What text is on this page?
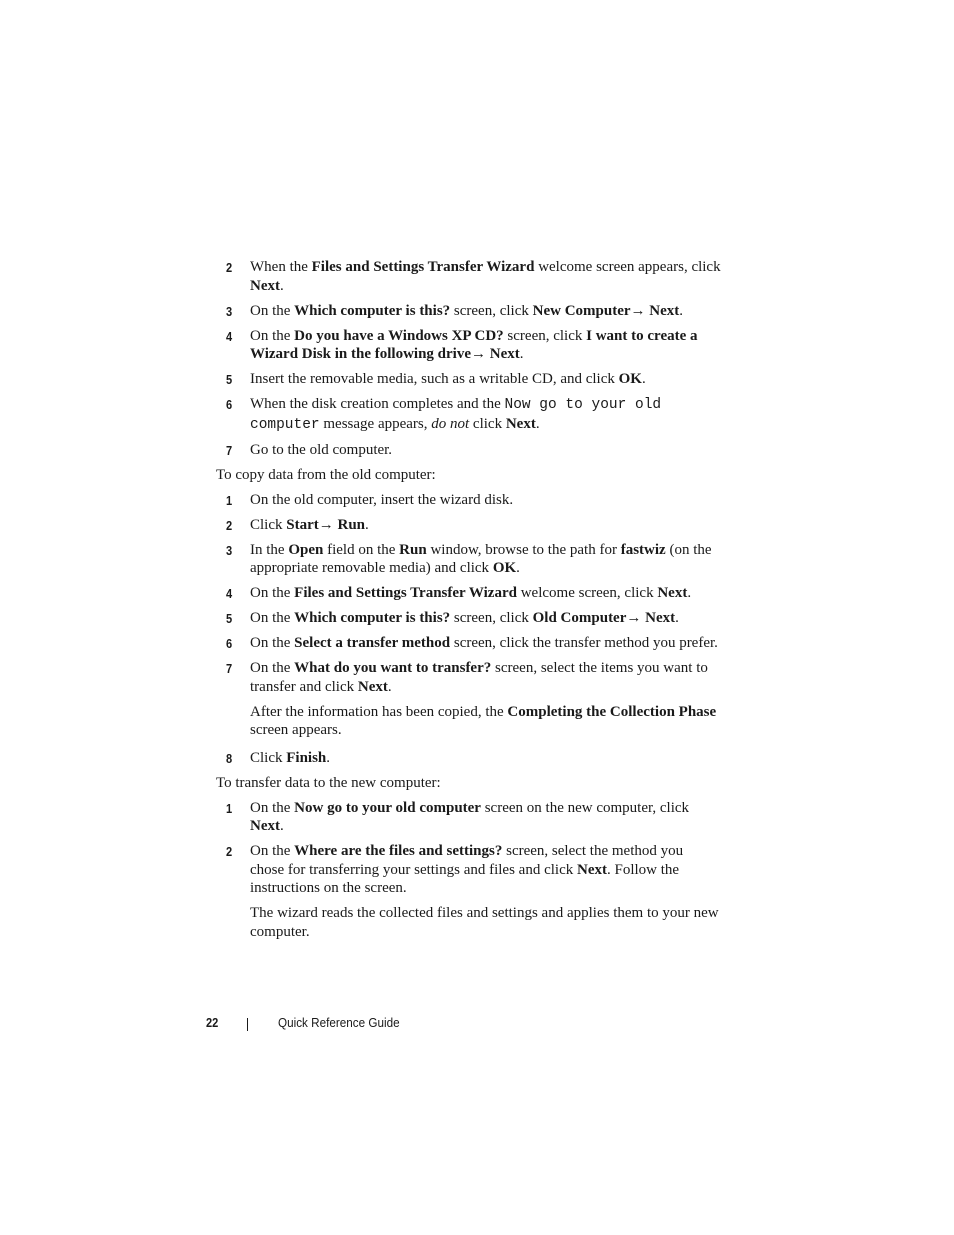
2 When the Files and Settings Transfer Wizard welcome screen appears, click Next.
3 On the Which computer is this? screen, click New Computer→ Next.
4 On the Do you have a Windows XP CD? screen, click I want to create a Wizard Disk in the following drive→ Next.
5 Insert the removable media, such as a writable CD, and click OK.
6 When the disk creation completes and the Now go to your old computer message appears, do not click Next.
7 Go to the old computer.

To copy data from the old computer:

1 On the old computer, insert the wizard disk.
2 Click Start→ Run.
3 In the Open field on the Run window, browse to the path for fastwiz (on the appropriate removable media) and click OK.
4 On the Files and Settings Transfer Wizard welcome screen, click Next.
5 On the Which computer is this? screen, click Old Computer→ Next.
6 On the Select a transfer method screen, click the transfer method you prefer.
7 On the What do you want to transfer? screen, select the items you want to transfer and click Next.
After the information has been copied, the Completing the Collection Phase screen appears.
8 Click Finish.

To transfer data to the new computer:

1 On the Now go to your old computer screen on the new computer, click Next.
2 On the Where are the files and settings? screen, select the method you chose for transferring your settings and files and click Next. Follow the instructions on the screen.
The wizard reads the collected files and settings and applies them to your new computer.
22	Quick Reference Guide
